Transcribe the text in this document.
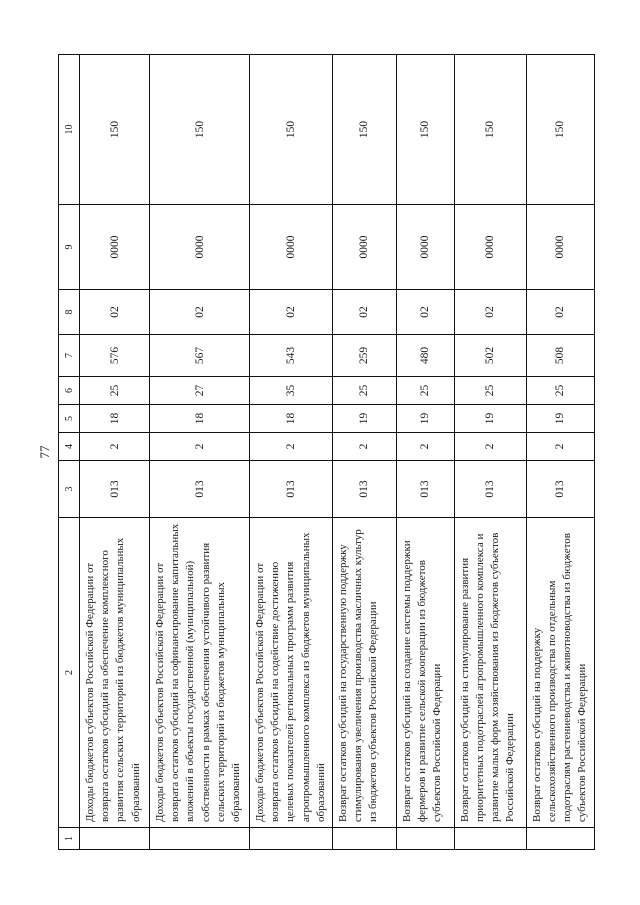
77
1	2	3	4	5	6	7	8	9	10
	Доходы бюджетов субъектов Российской Федерации от возврата остатков субсидий на обеспечение комплексного развития сельских территорий из бюджетов муниципальных образований	013	2	18	25	576	02	0000	150
	Доходы бюджетов субъектов Российской Федерации от возврата остатков субсидий на софинансирование капитальных вложений в объекты государственной (муниципальной) собственности в рамках обеспечения устойчивого развития сельских территорий из бюджетов муниципальных образований	013	2	18	27	567	02	0000	150
	Доходы бюджетов субъектов Российской Федерации от возврата остатков субсидий на содействие достижению целевых показателей региональных программ развития агропромышленного комплекса из бюджетов муниципальных образований	013	2	18	35	543	02	0000	150
	Возврат остатков субсидий на государственную поддержку стимулирования увеличения производства масличных культур из бюджетов субъектов Российской Федерации	013	2	19	25	259	02	0000	150
	Возврат остатков субсидий на создание системы поддержки фермеров и развитие сельской кооперации из бюджетов субъектов Российской Федерации	013	2	19	25	480	02	0000	150
	Возврат остатков субсидий на стимулирование развития приоритетных подотраслей агропромышленного комплекса и развитие малых форм хозяйствования из бюджетов субъектов Российской Федерации	013	2	19	25	502	02	0000	150
	Возврат остатков субсидий на поддержку сельскохозяйственного производства по отдельным подотраслям растениеводства и животноводства из бюджетов субъектов Российской Федерации	013	2	19	25	508	02	0000	150
